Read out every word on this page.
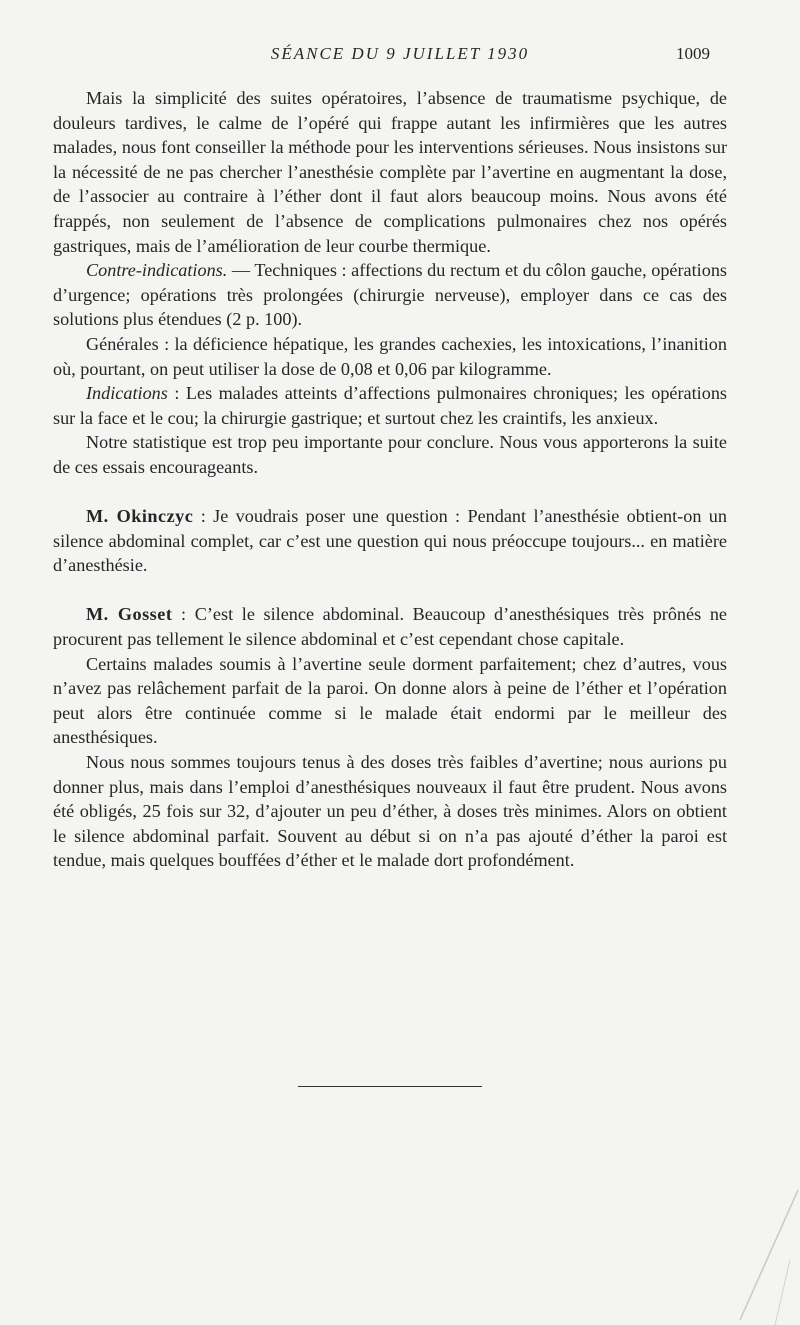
SÉANCE DU 9 JUILLET 1930	1009

Mais la simplicité des suites opératoires, l’absence de traumatisme psychique, de douleurs tardives, le calme de l’opéré qui frappe autant les infirmières que les autres malades, nous font conseiller la méthode pour les interventions sérieuses. Nous insistons sur la nécessité de ne pas chercher l’anesthésie complète par l’avertine en augmentant la dose, de l’associer au contraire à l’éther dont il faut alors beaucoup moins. Nous avons été frappés, non seulement de l’absence de complications pulmonaires chez nos opérés gastriques, mais de l’amélioration de leur courbe thermique.

Contre-indications. — Techniques : affections du rectum et du côlon gauche, opérations d’urgence; opérations très prolongées (chirurgie nerveuse), employer dans ce cas des solutions plus étendues (2 p. 100).

Générales : la déficience hépatique, les grandes cachexies, les intoxications, l’inanition où, pourtant, on peut utiliser la dose de 0,08 et 0,06 par kilogramme.

Indications : Les malades atteints d’affections pulmonaires chroniques; les opérations sur la face et le cou; la chirurgie gastrique; et surtout chez les craintifs, les anxieux.

Notre statistique est trop peu importante pour conclure. Nous vous apporterons la suite de ces essais encourageants.

M. Okinczyc : Je voudrais poser une question : Pendant l’anesthésie obtient-on un silence abdominal complet, car c’est une question qui nous préoccupe toujours... en matière d’anesthésie.

M. Gosset : C’est le silence abdominal. Beaucoup d’anesthésiques très prônés ne procurent pas tellement le silence abdominal et c’est cependant chose capitale.

Certains malades soumis à l’avertine seule dorment parfaitement; chez d’autres, vous n’avez pas relâchement parfait de la paroi. On donne alors à peine de l’éther et l’opération peut alors être continuée comme si le malade était endormi par le meilleur des anesthésiques.

Nous nous sommes toujours tenus à des doses très faibles d’avertine; nous aurions pu donner plus, mais dans l’emploi d’anesthésiques nouveaux il faut être prudent. Nous avons été obligés, 25 fois sur 32, d’ajouter un peu d’éther, à doses très minimes. Alors on obtient le silence abdominal parfait. Souvent au début si on n’a pas ajouté d’éther la paroi est tendue, mais quelques bouffées d’éther et le malade dort profondément.
